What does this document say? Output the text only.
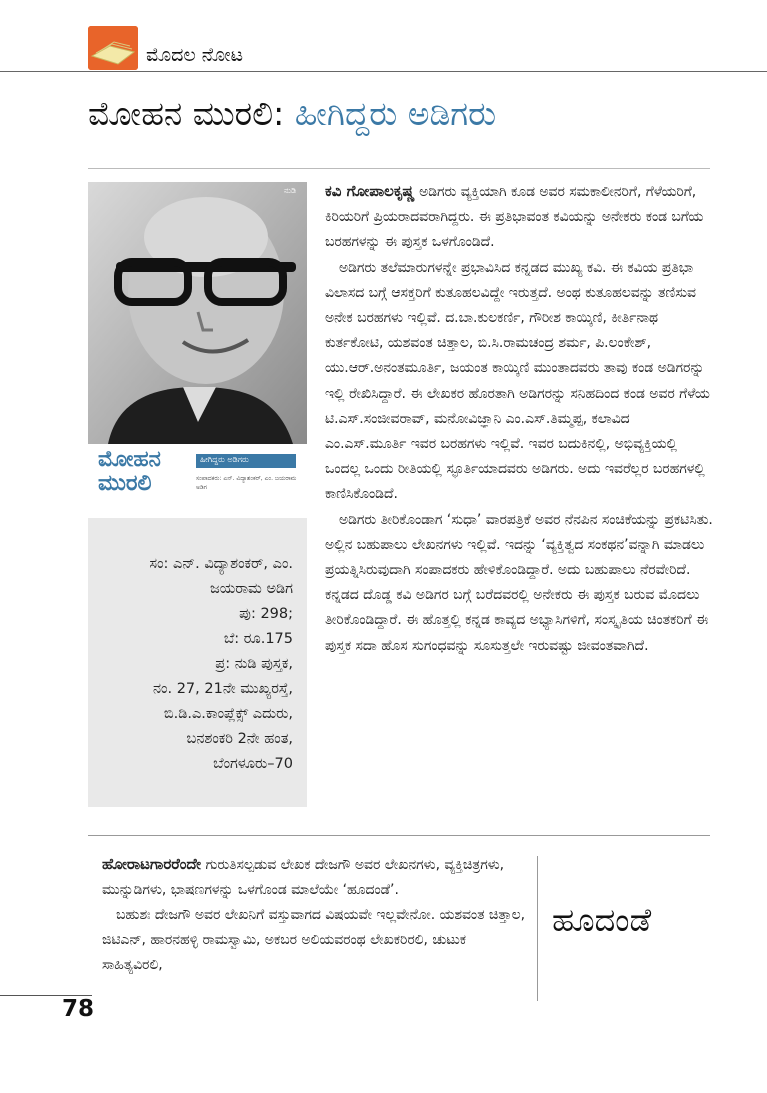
ಮೊದಲ ನೋಟ
ಮೋಹನ ಮುರಲಿ: ಹೀಗಿದ್ದರು ಅಡಿಗರು
ನುಡಿ
ಮೋಹನ
ಮುರಲಿ
ಹೀಗಿದ್ದರು ಅಡಿಗರು
ಸಂಪಾದಕರು: ಎನ್. ವಿದ್ಯಾಶಂಕರ್, ಎಂ. ಜಯರಾಮ ಅಡಿಗ
ಸಂ: ಎನ್. ವಿದ್ಯಾಶಂಕರ್, ಎಂ.
ಜಯರಾಮ ಅಡಿಗ
ಪು: 298;
ಬೆ: ರೂ.175
ಪ್ರ: ನುಡಿ ಪುಸ್ತಕ,
ನಂ. 27, 21ನೇ ಮುಖ್ಯರಸ್ತೆ,
ಬಿ.ಡಿ.ಎ.ಕಾಂಪ್ಲೆಕ್ಸ್ ಎದುರು,
ಬನಶಂಕರಿ 2ನೇ ಹಂತ,
ಬೆಂಗಳೂರು–70

ಕವಿ ಗೋಪಾಲಕೃಷ್ಣ ಅಡಿಗರು ವ್ಯಕ್ತಿಯಾಗಿ ಕೂಡ ಅವರ ಸಮಕಾಲೀನರಿಗೆ, ಗೆಳೆಯರಿಗೆ, ಕಿರಿಯರಿಗೆ ಪ್ರಿಯರಾದವರಾಗಿದ್ದರು. ಈ ಪ್ರತಿಭಾವಂತ ಕವಿಯನ್ನು ಅನೇಕರು ಕಂಡ ಬಗೆಯ ಬರಹಗಳನ್ನು ಈ ಪುಸ್ತಕ ಒಳಗೊಂಡಿದೆ.

ಅಡಿಗರು ತಲೆಮಾರುಗಳನ್ನೇ ಪ್ರಭಾವಿಸಿದ ಕನ್ನಡದ ಮುಖ್ಯ ಕವಿ. ಈ ಕವಿಯ ಪ್ರತಿಭಾ ವಿಲಾಸದ ಬಗ್ಗೆ ಆಸಕ್ತರಿಗೆ ಕುತೂಹಲವಿದ್ದೇ ಇರುತ್ತದೆ. ಅಂಥ ಕುತೂಹಲವನ್ನು ತಣಿಸುವ ಅನೇಕ ಬರಹಗಳು ಇಲ್ಲಿವೆ. ದ.ಬಾ.ಕುಲಕರ್ಣಿ, ಗೌರೀಶ ಕಾಯ್ಕಿಣಿ, ಕೀರ್ತಿನಾಥ ಕುರ್ತಕೋಟಿ, ಯಶವಂತ ಚಿತ್ತಾಲ, ಬಿ.ಸಿ.ರಾಮಚಂದ್ರ ಶರ್ಮ, ಪಿ.ಲಂಕೇಶ್, ಯು.ಆರ್.ಅನಂತಮೂರ್ತಿ, ಜಯಂತ ಕಾಯ್ಕಿಣಿ ಮುಂತಾದವರು ತಾವು ಕಂಡ ಅಡಿಗರನ್ನು ಇಲ್ಲಿ ರೇಖಿಸಿದ್ದಾರೆ. ಈ ಲೇಖಕರ ಹೊರತಾಗಿ ಅಡಿಗರನ್ನು ಸನಿಹದಿಂದ ಕಂಡ ಅವರ ಗೆಳೆಯ ಟಿ.ಎಸ್.ಸಂಜೀವರಾವ್, ಮನೋವಿಜ್ಞಾನಿ ಎಂ.ಎಸ್.ತಿಮ್ಮಪ್ಪ, ಕಲಾವಿದ ಎಂ.ಎಸ್.ಮೂರ್ತಿ ಇವರ ಬರಹಗಳು ಇಲ್ಲಿವೆ. ಇವರ ಬದುಕಿನಲ್ಲಿ, ಅಭಿವ್ಯಕ್ತಿಯಲ್ಲಿ ಒಂದಲ್ಲ ಒಂದು ರೀತಿಯಲ್ಲಿ ಸ್ಫೂರ್ತಿಯಾದವರು ಅಡಿಗರು. ಅದು ಇವರೆಲ್ಲರ ಬರಹಗಳಲ್ಲಿ ಕಾಣಿಸಿಕೊಂಡಿದೆ.

ಅಡಿಗರು ತೀರಿಕೊಂಡಾಗ ‘ಸುಧಾ’ ವಾರಪತ್ರಿಕೆ ಅವರ ನೆನಪಿನ ಸಂಚಿಕೆಯನ್ನು ಪ್ರಕಟಿಸಿತು. ಅಲ್ಲಿನ ಬಹುಪಾಲು ಲೇಖನಗಳು ಇಲ್ಲಿವೆ. ಇದನ್ನು ‘ವ್ಯಕ್ತಿತ್ವದ ಸಂಕಥನ’ವನ್ನಾಗಿ ಮಾಡಲು ಪ್ರಯತ್ನಿಸಿರುವುದಾಗಿ ಸಂಪಾದಕರು ಹೇಳಿಕೊಂಡಿದ್ದಾರೆ. ಅದು ಬಹುಪಾಲು ನೆರವೇರಿದೆ. ಕನ್ನಡದ ದೊಡ್ಡ ಕವಿ ಅಡಿಗರ ಬಗ್ಗೆ ಬರೆದವರಲ್ಲಿ ಅನೇಕರು ಈ ಪುಸ್ತಕ ಬರುವ ಮೊದಲು ತೀರಿಕೊಂಡಿದ್ದಾರೆ. ಈ ಹೊತ್ತಲ್ಲಿ ಕನ್ನಡ ಕಾವ್ಯದ ಅಭ್ಯಾಸಿಗಳಿಗೆ, ಸಂಸ್ಕೃತಿಯ ಚಿಂತಕರಿಗೆ ಈ ಪುಸ್ತಕ ಸದಾ ಹೊಸ ಸುಗಂಧವನ್ನು ಸೂಸುತ್ತಲೇ ಇರುವಷ್ಟು ಜೀವಂತವಾಗಿದೆ.

ಹೋರಾಟಗಾರರೆಂದೇ ಗುರುತಿಸಲ್ಪಡುವ ಲೇಖಕ ದೇಜಗೌ ಅವರ ಲೇಖನಗಳು, ವ್ಯಕ್ತಿಚಿತ್ರಗಳು, ಮುನ್ನುಡಿಗಳು, ಭಾಷಣಗಳನ್ನು ಒಳಗೊಂಡ ಮಾಲೆಯೇ ‘ಹೂದಂಡೆ’.

ಬಹುಶಃ ದೇಜಗೌ ಅವರ ಲೇಖನಿಗೆ ವಸ್ತುವಾಗದ ವಿಷಯವೇ ಇಲ್ಲವೇನೋ. ಯಶವಂತ ಚಿತ್ತಾಲ, ಜಿಟಿಎನ್, ಹಾರನಹಳ್ಳಿ ರಾಮಸ್ವಾಮಿ, ಅಕಬರ ಅಲಿಯವರಂಥ ಲೇಖಕರಿರಲಿ, ಚುಟುಕ ಸಾಹಿತ್ಯವಿರಲಿ,

ಹೂದಂಡೆ
78
